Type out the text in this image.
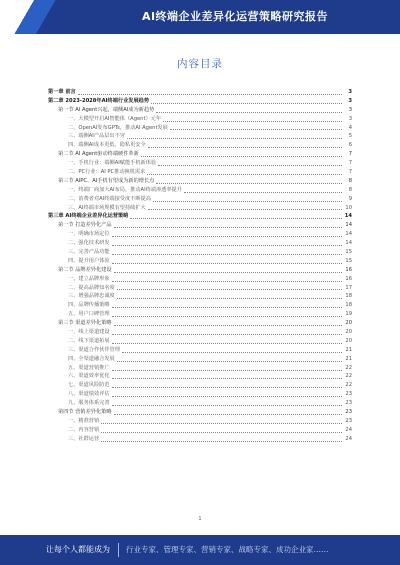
AI终端企业差异化运营策略研究报告
内容目录
第一章 前言	3
第二章 2023-2028年AI终端行业发展趋势	3
第一节 AI Agent兴起，端侧AI成为新趋势	3
一、大模型开启AI智能体（Agent）元年	3
二、OpenAI发布GPTs，推动AI Agent发展	4
三、端侧AI产品层出不穷	5
四、端侧AI成本更低，隐私更安全	6
第二节 AI Agent驱动终端硬件革新	7
一、手机行业：端侧AI赋能手机新体验	7
二、PC行业：AI PC推动换机需求	7
第三节 AIPC、AI手机有望成为新的增长点	8
一、终端厂商加大AI布局，推动AI终端渗透率提升	8
二、消费者对AI终端接受度不断提高	9
三、AI终端市场规模有望持续扩大	10
第三章 AI终端企业差异化运营策略	14
第一节 打造差异化产品	14
一、明确市场定位	14
二、强化技术研发	14
三、完善产品功能	15
四、提升用户体验	15
第二节 品牌差异化建设	16
一、建立品牌形象	16
二、提高品牌知名度	17
三、增强品牌忠诚度	18
四、品牌传播策略	18
五、用户口碑管理	19
第三节 渠道差异化策略	20
一、线上渠道建设	20
二、线下渠道拓展	20
三、渠道合作伙伴管理	21
四、全渠道融合发展	21
五、渠道营销推广	22
六、渠道效率优化	22
七、渠道风险防范	22
八、渠道绩效评估	23
九、服务体系完善	23
第四节 营销差异化策略	23
一、精准营销	23
二、内容营销	24
三、社群运营	24
1
让每个人都能成为 行业专家、管理专家、营销专家、战略专家、成功企业家……
